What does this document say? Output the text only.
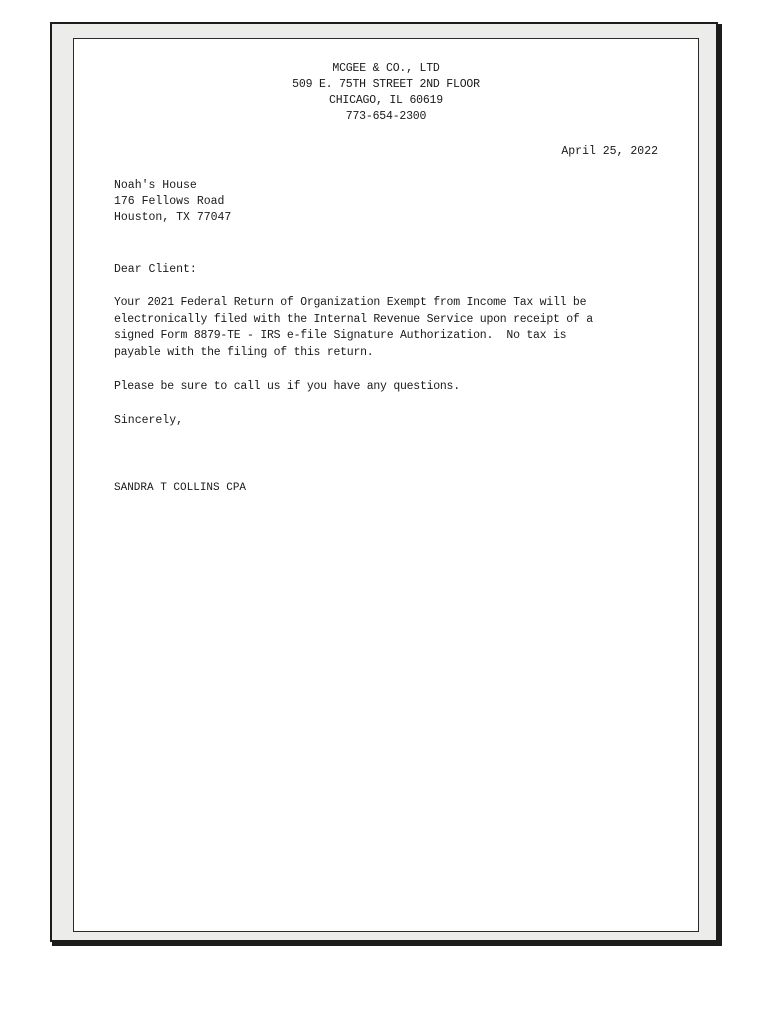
MCGEE & CO., LTD
509 E. 75TH STREET 2ND FLOOR
CHICAGO, IL 60619
773-654-2300
April 25, 2022
Noah's House
176 Fellows Road
Houston, TX 77047
Dear Client:
Your 2021 Federal Return of Organization Exempt from Income Tax will be
electronically filed with the Internal Revenue Service upon receipt of a
signed Form 8879-TE - IRS e-file Signature Authorization.  No tax is
payable with the filing of this return.
Please be sure to call us if you have any questions.
Sincerely,
SANDRA T COLLINS CPA
